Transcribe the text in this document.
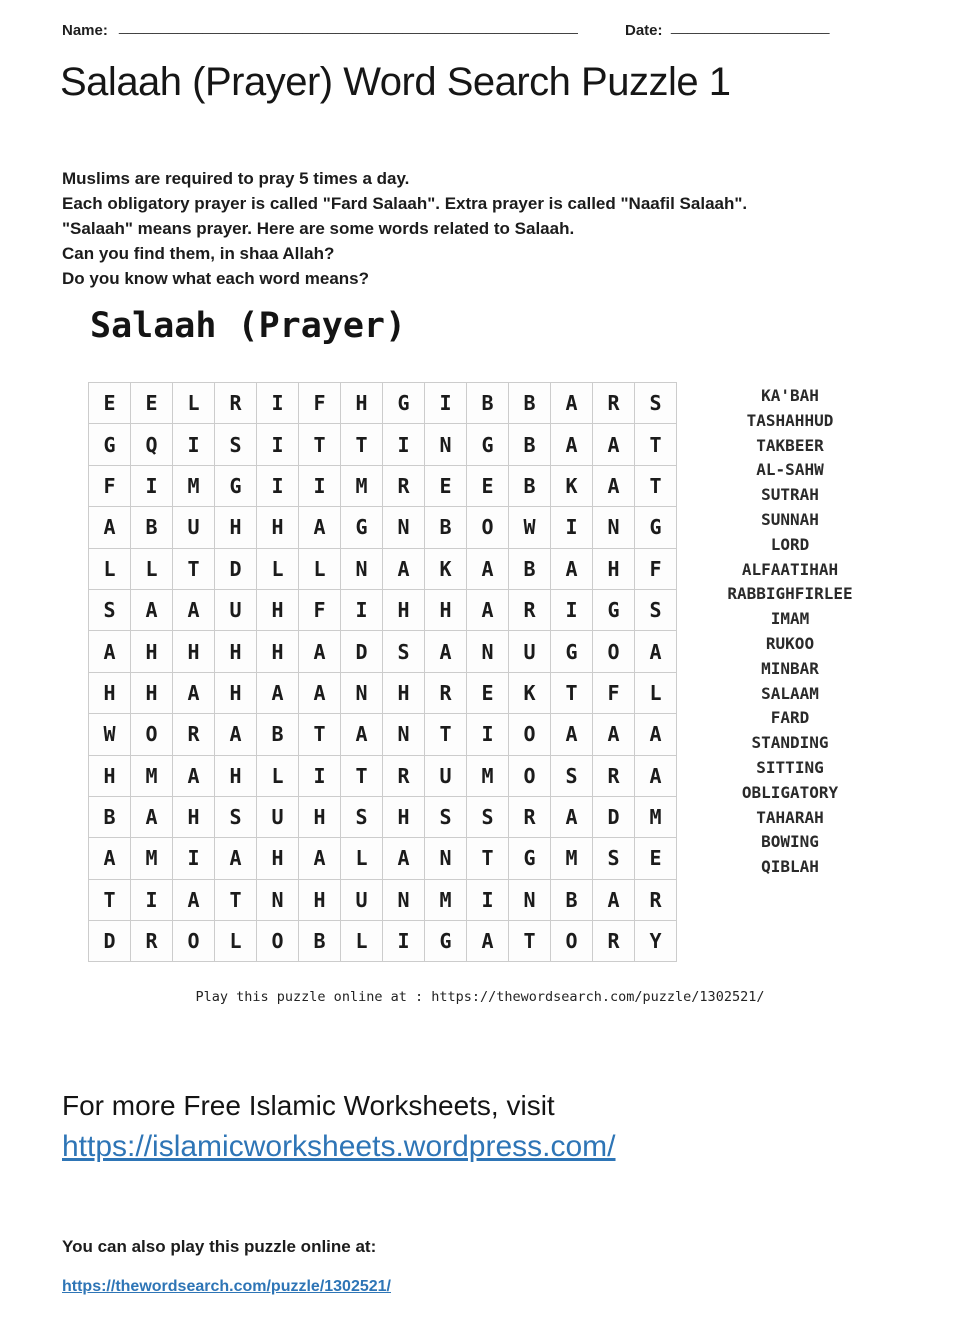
Name: _______________________________________________________	Date: ___________________
Salaah (Prayer) Word Search Puzzle 1
Muslims are required to pray 5 times a day.
Each obligatory prayer is called "Fard Salaah". Extra prayer is called "Naafil Salaah".
"Salaah" means prayer. Here are some words related to Salaah.
Can you find them, in shaa Allah?
Do you know what each word means?
Salaah (Prayer)
E	E	L	R	I	F	H	G	I	B	B	A	R	S
G	Q	I	S	I	T	T	I	N	G	B	A	A	T
F	I	M	G	I	I	M	R	E	E	B	K	A	T
A	B	U	H	H	A	G	N	B	O	W	I	N	G
L	L	T	D	L	L	N	A	K	A	B	A	H	F
S	A	A	U	H	F	I	H	H	A	R	I	G	S
A	H	H	H	H	A	D	S	A	N	U	G	O	A
H	H	A	H	A	A	N	H	R	E	K	T	F	L
W	O	R	A	B	T	A	N	T	I	O	A	A	A
H	M	A	H	L	I	T	R	U	M	O	S	R	A
B	A	H	S	U	H	S	H	S	S	R	A	D	M
A	M	I	A	H	A	L	A	N	T	G	M	S	E
T	I	A	T	N	H	U	N	M	I	N	B	A	R
D	R	O	L	O	B	L	I	G	A	T	O	R	Y
KA'BAH
TASHAHHUD
TAKBEER
AL-SAHW
SUTRAH
SUNNAH
LORD
ALFAATIHAH
RABBIGHFIRLEE
IMAM
RUKOO
MINBAR
SALAAM
FARD
STANDING
SITTING
OBLIGATORY
TAHARAH
BOWING
QIBLAH
Play this puzzle online at : https://thewordsearch.com/puzzle/1302521/
For more Free Islamic Worksheets, visit
https://islamicworksheets.wordpress.com/
You can also play this puzzle online at:
https://thewordsearch.com/puzzle/1302521/
